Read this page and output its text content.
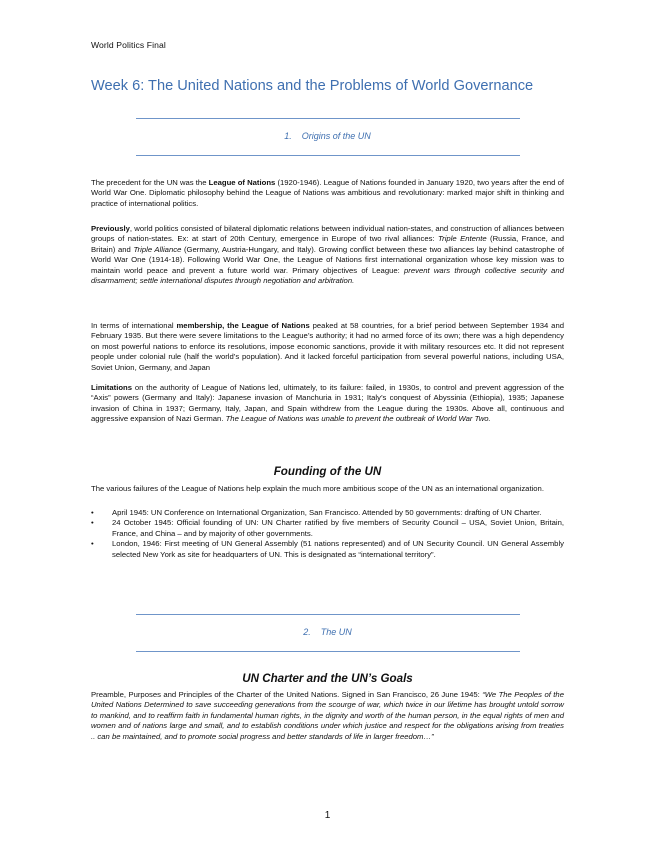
World Politics Final
Week 6: The United Nations and the Problems of World Governance
1. Origins of the UN

The precedent for the UN was the League of Nations (1920-1946). League of Nations founded in January 1920, two years after the end of World War One. Diplomatic philosophy behind the League of Nations was ambitious and revolutionary: marked major shift in thinking and practice of international politics.

Previously, world politics consisted of bilateral diplomatic relations between individual nation-states, and construction of alliances between groups of nation-states. Ex: at start of 20th Century, emergence in Europe of two rival alliances: Triple Entente (Russia, France, and Britain) and Triple Alliance (Germany, Austria-Hungary, and Italy). Growing conflict between these two alliances lay behind catastrophe of World War One (1914-18). Following World War One, the League of Nations first international organization whose key mission was to maintain world peace and prevent a future world war. Primary objectives of League: prevent wars through collective security and disarmament; settle international disputes through negotiation and arbitration.

In terms of international membership, the League of Nations peaked at 58 countries, for a brief period between September 1934 and February 1935. But there were severe limitations to the League’s authority; it had no armed force of its own; there was a high dependency on most powerful nations to enforce its resolutions, impose economic sanctions, provide it with military resources etc. It did not represent people under colonial rule (half the world’s population). And it lacked forceful participation from several powerful nations, including USA, Soviet Union, Germany, and Japan

Limitations on the authority of League of Nations led, ultimately, to its failure: failed, in 1930s, to control and prevent aggression of the “Axis” powers (Germany and Italy): Japanese invasion of Manchuria in 1931; Italy’s conquest of Abyssinia (Ethiopia), 1935; Japanese invasion of China in 1937; Germany, Italy, Japan, and Spain withdrew from the League during the 1930s. Above all, continuous and aggressive expansion of Nazi German. The League of Nations was unable to prevent the outbreak of World War Two.

Founding of the UN

The various failures of the League of Nations help explain the much more ambitious scope of the UN as an international organization.

• April 1945: UN Conference on International Organization, San Francisco. Attended by 50 governments: drafting of UN Charter.
• 24 October 1945: Official founding of UN: UN Charter ratified by five members of Security Council – USA, Soviet Union, Britain, France, and China – and by majority of other governments.
• London, 1946: First meeting of UN General Assembly (51 nations represented) and of UN Security Council. UN General Assembly selected New York as site for headquarters of UN. This is designated as “international territory”.
2. The UN
UN Charter and the UN’s Goals

Preamble, Purposes and Principles of the Charter of the United Nations. Signed in San Francisco, 26 June 1945: “We The Peoples of the United Nations Determined to save succeeding generations from the scourge of war, which twice in our lifetime has brought untold sorrow to mankind, and to reaffirm faith in fundamental human rights, in the dignity and worth of the human person, in the equal rights of men and women and of nations large and small, and to establish conditions under which justice and respect for the obligations arising from treaties .. can be maintained, and to promote social progress and better standards of life in larger freedom…”

1
